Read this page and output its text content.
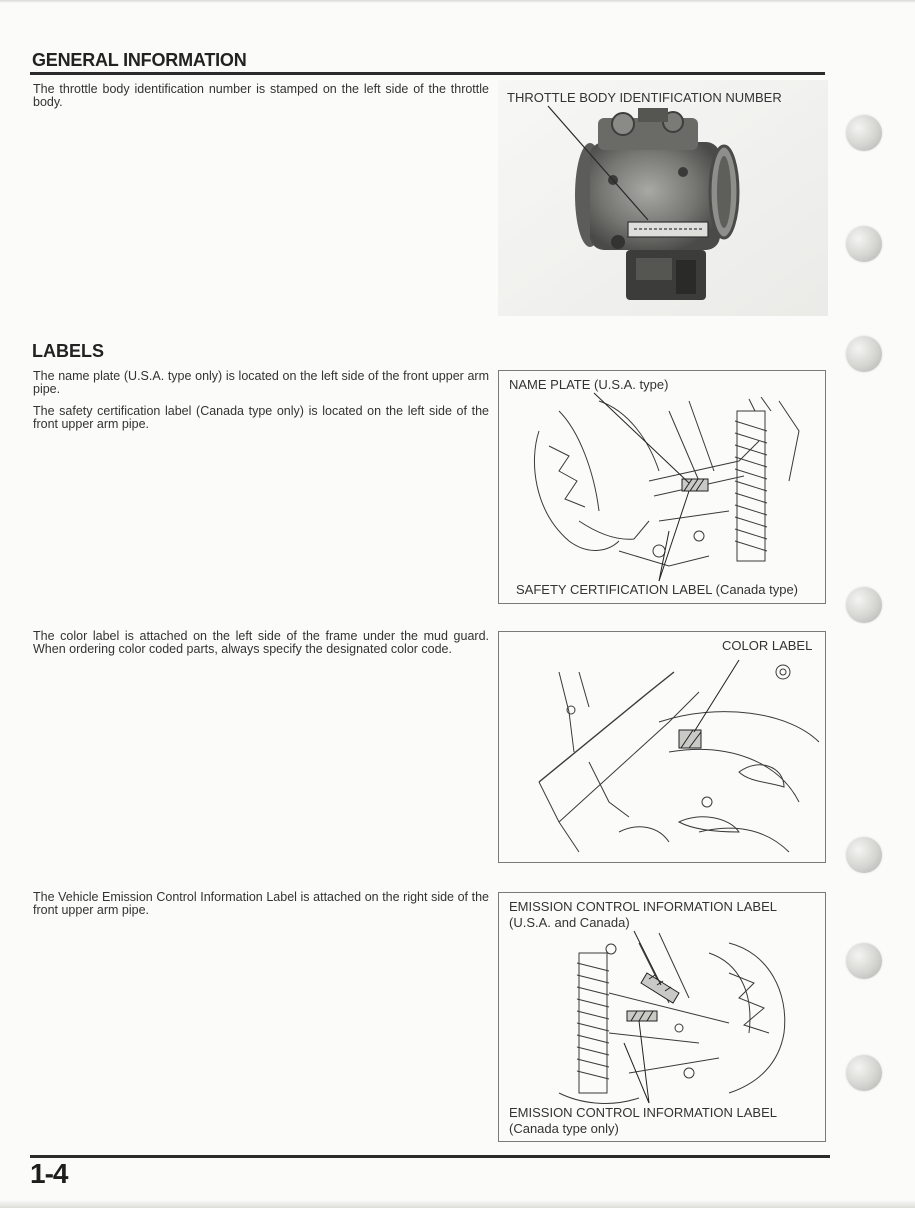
GENERAL INFORMATION

The throttle body identification number is stamped on the left side of the throttle body.	THROTTLE BODY IDENTIFICATION NUMBER
LABELS

The name plate (U.S.A. type only) is located on the left side of the front upper arm pipe.

The safety certification label (Canada type only) is located on the left side of the front upper arm pipe.

NAME PLATE (U.S.A. type)
SAFETY CERTIFICATION LABEL (Canada type)

The color label is attached on the left side of the frame under the mud guard. When ordering color coded parts, always specify the designated color code.	COLOR LABEL

The Vehicle Emission Control Information Label is attached on the right side of the front upper arm pipe.	EMISSION CONTROL INFORMATION LABEL
(U.S.A. and Canada)
EMISSION CONTROL INFORMATION LABEL
(Canada type only)

1-4
